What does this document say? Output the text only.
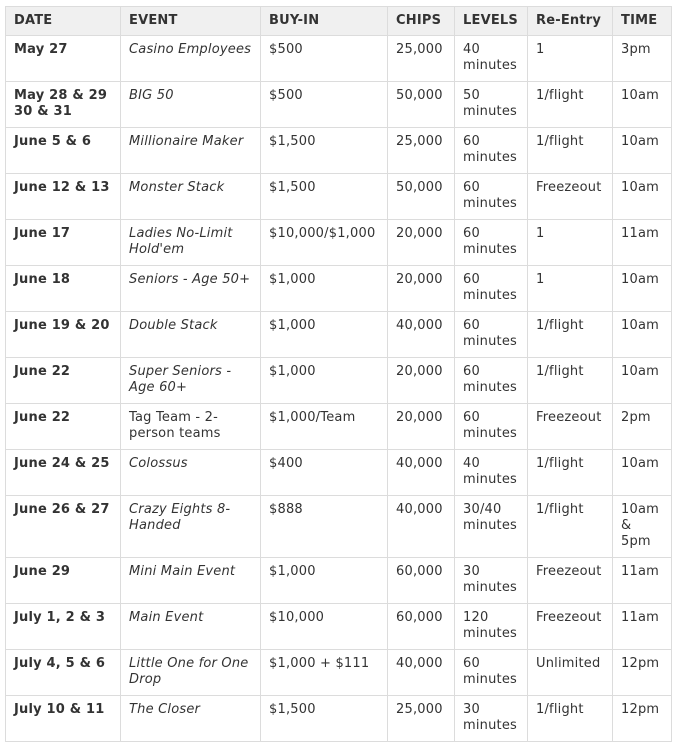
DATE	EVENT	BUY-IN	CHIPS	LEVELS	Re-Entry	TIME
May 27	Casino Employees	$500	25,000	40 minutes	1	3pm
May 28 & 29 30 & 31	BIG 50	$500	50,000	50 minutes	1/flight	10am
June 5 & 6	Millionaire Maker	$1,500	25,000	60 minutes	1/flight	10am
June 12 & 13	Monster Stack	$1,500	50,000	60 minutes	Freezeout	10am
June 17	Ladies No-Limit Hold'em	$10,000/$1,000	20,000	60 minutes	1	11am
June 18	Seniors - Age 50+	$1,000	20,000	60 minutes	1	10am
June 19 & 20	Double Stack	$1,000	40,000	60 minutes	1/flight	10am
June 22	Super Seniors - Age 60+	$1,000	20,000	60 minutes	1/flight	10am
June 22	Tag Team - 2-person teams	$1,000/Team	20,000	60 minutes	Freezeout	2pm
June 24 & 25	Colossus	$400	40,000	40 minutes	1/flight	10am
June 26 & 27	Crazy Eights 8-Handed	$888	40,000	30/40 minutes	1/flight	10am & 5pm
June 29	Mini Main Event	$1,000	60,000	30 minutes	Freezeout	11am
July 1, 2 & 3	Main Event	$10,000	60,000	120 minutes	Freezeout	11am
July 4, 5 & 6	Little One for One Drop	$1,000 + $111	40,000	60 minutes	Unlimited	12pm
July 10 & 11	The Closer	$1,500	25,000	30 minutes	1/flight	12pm
